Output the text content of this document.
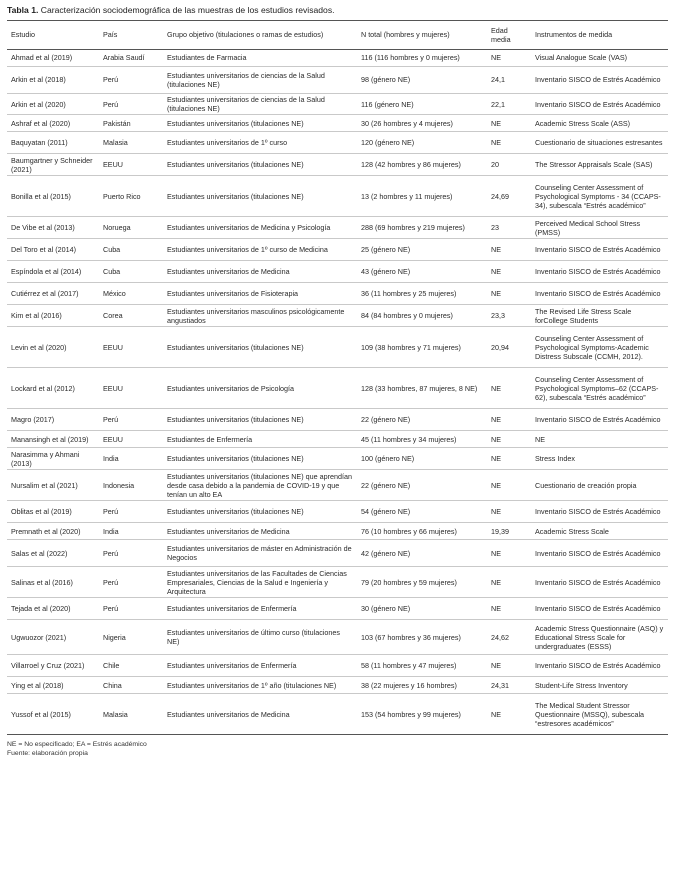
Tabla 1. Caracterización sociodemográfica de las muestras de los estudios revisados.
Estudio	País	Grupo objetivo (titulaciones o ramas de estudios)	N total (hombres y mujeres)	Edad media	Instrumentos de medida
Ahmad et al (2019)	Arabia Saudí	Estudiantes de Farmacia	116 (116 hombres y 0 mujeres)	NE	Visual Analogue Scale (VAS)
Arkin et al (2018)	Perú	Estudiantes universitarios de ciencias de la Salud (titulaciones NE)	98 (género NE)	24,1	Inventario SISCO de Estrés Académico
Arkin et al (2020)	Perú	Estudiantes universitarios de ciencias de la Salud (titulaciones NE)	116 (género NE)	22,1	Inventario SISCO de Estrés Académico
Ashraf et al (2020)	Pakistán	Estudiantes universitarios (titulaciones NE)	30 (26 hombres y 4 mujeres)	NE	Academic Stress Scale (ASS)
Baquyatan (2011)	Malasia	Estudiantes universitarios de 1º curso	120 (género NE)	NE	Cuestionario de situaciones estresantes
Baumgartner y Schneider (2021)	EEUU	Estudiantes universitarios (titulaciones NE)	128 (42 hombres y 86 mujeres)	20	The Stressor Appraisals Scale (SAS)
Bonilla et al (2015)	Puerto Rico	Estudiantes universitarios (titulaciones NE)	13 (2 hombres y 11 mujeres)	24,69	Counseling Center Assessment of Psychological Symptoms - 34 (CCAPS-34), subescala “Estrés académico”
De Vibe et al (2013)	Noruega	Estudiantes universitarios de Medicina y Psicología	288 (69 hombres y 219 mujeres)	23	Perceived Medical School Stress (PMSS)
Del Toro et al (2014)	Cuba	Estudiantes universitarios de 1º curso de Medicina	25 (género NE)	NE	Inventario SISCO de Estrés Académico
Espíndola et al (2014)	Cuba	Estudiantes universitarios de Medicina	43 (género NE)	NE	Inventario SISCO de Estrés Académico
Cutiérrez et al (2017)	México	Estudiantes universitarios de Fisioterapia	36 (11 hombres y 25 mujeres)	NE	Inventario SISCO de Estrés Académico
Kim et al (2016)	Corea	Estudiantes universitarios masculinos psicológicamente angustiados	84 (84 hombres y 0 mujeres)	23,3	The Revised Life Stress Scale forCollege Students
Levin et al (2020)	EEUU	Estudiantes universitarios (titulaciones NE)	109 (38 hombres y 71 mujeres)	20,94	Counseling Center Assessment of Psychological Symptoms-Academic Distress Subscale (CCMH, 2012).
Lockard et al (2012)	EEUU	Estudiantes universitarios de Psicología	128 (33 hombres, 87 mujeres, 8 NE)	NE	Counseling Center Assessment of Psychological Symptoms–62 (CCAPS-62), subescala “Estrés académico”
Magro (2017)	Perú	Estudiantes universitarios (titulaciones NE)	22 (género NE)	NE	Inventario SISCO de Estrés Académico
Manansingh et al (2019)	EEUU	Estudiantes de Enfermería	45 (11 hombres y 34 mujeres)	NE	NE
Narasimma y Ahmani (2013)	India	Estudiantes universitarios (titulaciones NE)	100 (género NE)	NE	Stress Index
Nursalim et al (2021)	Indonesia	Estudiantes universitarios (titulaciones NE) que aprendían desde casa debido a la pandemia de COVID-19 y que tenían un alto EA	22 (género NE)	NE	Cuestionario de creación propia
Oblitas et al (2019)	Perú	Estudiantes universitarios (titulaciones NE)	54 (género NE)	NE	Inventario SISCO de Estrés Académico
Premnath et al (2020)	India	Estudiantes universitarios de Medicina	76 (10 hombres y 66 mujeres)	19,39	Academic Stress Scale
Salas et al (2022)	Perú	Estudiantes universitarios de máster en Administración de Negocios	42 (género NE)	NE	Inventario SISCO de Estrés Académico
Salinas et al (2016)	Perú	Estudiantes universitarios de las Facultades de Ciencias Empresariales, Ciencias de la Salud e Ingeniería y Arquitectura	79 (20 hombres y 59 mujeres)	NE	Inventario SISCO de Estrés Académico
Tejada et al (2020)	Perú	Estudiantes universitarios de Enfermería	30 (género NE)	NE	Inventario SISCO de Estrés Académico
Ugwuozor (2021)	Nigeria	Estudiantes universitarios de último curso (titulaciones NE)	103 (67 hombres y 36 mujeres)	24,62	Academic Stress Questionnaire (ASQ) y Educational Stress Scale for undergraduates (ESSS)
Villarroel y Cruz (2021)	Chile	Estudiantes universitarios de Enfermería	58 (11 hombres y 47 mujeres)	NE	Inventario SISCO de Estrés Académico
Ying et al (2018)	China	Estudiantes universitarios de 1º año (titulaciones NE)	38 (22 mujeres y 16 hombres)	24,31	Student-Life Stress Inventory
Yussof et al (2015)	Malasia	Estudiantes universitarios de Medicina	153 (54 hombres y 99 mujeres)	NE	The Medical Student Stressor Questionnaire (MSSQ), subescala “estresores académicos”
NE = No especificado; EA = Estrés académico
Fuente: elaboración propia
